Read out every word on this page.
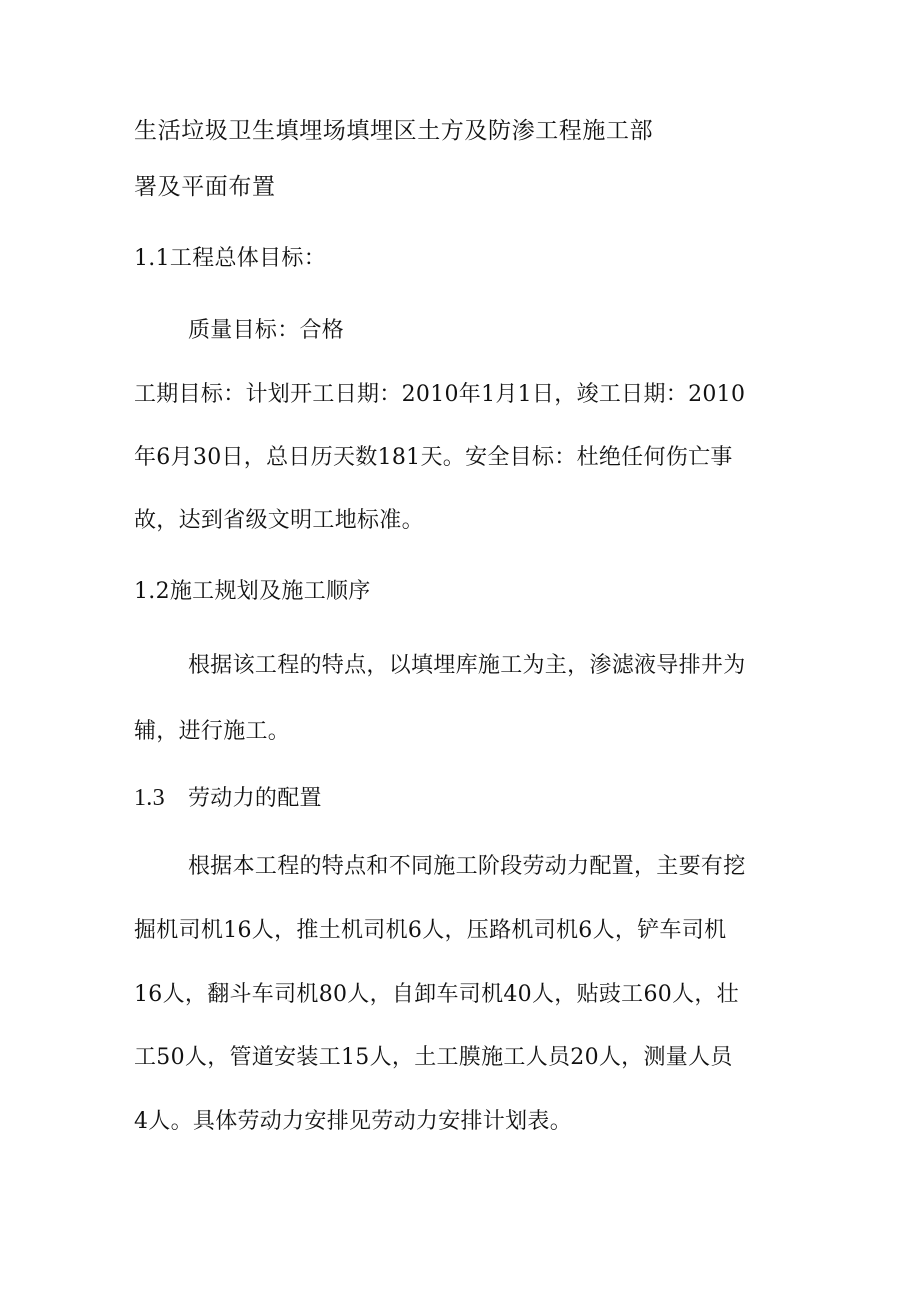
生活垃圾卫生填埋场填埋区土方及防渗工程施工部
署及平面布置
1.1工程总体目标：
质量目标：合格
工期目标：计划开工日期：2010年1月1日，竣工日期：2010
年6月30日，总日历天数181天。安全目标：杜绝任何伤亡事
故，达到省级文明工地标准。
1.2施工规划及施工顺序
根据该工程的特点，以填埋库施工为主，渗滤液导排井为
辅，进行施工。
1.3 劳动力的配置
根据本工程的特点和不同施工阶段劳动力配置，主要有挖
掘机司机16人，推土机司机6人，压路机司机6人，铲车司机
16人，翻斗车司机80人，自卸车司机40人，贴豉工60人，壮
工50人，管道安装工15人，土工膜施工人员20人，测量人员
4人。具体劳动力安排见劳动力安排计划表。
